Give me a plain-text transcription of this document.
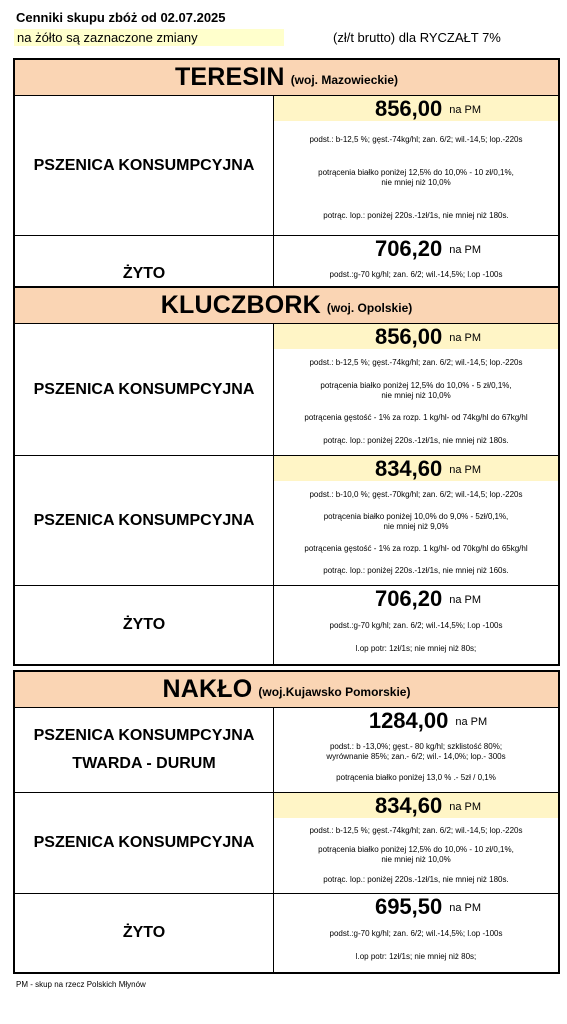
Cenniki skupu zbóż od 02.07.2025
na żółto są zaznaczone zmiany	(zł/t brutto) dla RYCZAŁT 7%
TERESIN (woj. Mazowieckie)
PSZENICA KONSUMPCYJNA
856,00 na PM
podst.: b-12,5 %; gęst.-74kg/hl; zan. 6/2; wil.-14,5; lop.-220s
potrącenia białko poniżej 12,5% do 10,0% - 10 zł/0,1%,
nie mniej niż 10,0%
potrąc. lop.: poniżej 220s.-1zł/1s, nie mniej niż 180s.
ŻYTO
706,20 na PM
podst.:g-70 kg/hl; zan. 6/2; wil.-14,5%; l.op -100s
KLUCZBORK (woj. Opolskie)
PSZENICA KONSUMPCYJNA
856,00 na PM
podst.: b-12,5 %; gęst.-74kg/hl; zan. 6/2; wil.-14,5; lop.-220s
potrącenia białko poniżej 12,5% do 10,0% - 5 zł/0,1%,
nie mniej niż 10,0%
potrącenia gęstość - 1% za rozp. 1 kg/hl- od 74kg/hl do 67kg/hl
potrąc. lop.: poniżej 220s.-1zł/1s, nie mniej niż 180s.
PSZENICA KONSUMPCYJNA
834,60 na PM
podst.: b-10,0 %; gęst.-70kg/hl; zan. 6/2; wil.-14,5; lop.-220s
potrącenia białko poniżej 10,0% do 9,0% - 5zł/0,1%,
nie mniej niż 9,0%
potrącenia gęstość - 1% za rozp. 1 kg/hl- od 70kg/hl do 65kg/hl
potrąc. lop.: poniżej 220s.-1zł/1s, nie mniej niż 160s.
ŻYTO
706,20 na PM
podst.:g-70 kg/hl; zan. 6/2; wil.-14,5%; l.op -100s
l.op potr: 1zł/1s; nie mniej niż 80s;
NAKŁO (woj.Kujawsko Pomorskie)
PSZENICA KONSUMPCYJNA
TWARDA - DURUM
1284,00 na PM
podst.: b -13,0%; gęst.- 80 kg/hl; szklistość 80%;
wyrównanie 85%; zan.- 6/2; wil.- 14,0%; lop.- 300s
potrącenia białko poniżej 13,0 % .- 5zł / 0,1%
PSZENICA KONSUMPCYJNA
834,60 na PM
podst.: b-12,5 %; gęst.-74kg/hl; zan. 6/2; wil.-14,5; lop.-220s
potrącenia białko poniżej 12,5% do 10,0% - 10 zł/0,1%,
nie mniej niż 10,0%
potrąc. lop.: poniżej 220s.-1zł/1s, nie mniej niż 180s.
ŻYTO
695,50 na PM
podst.:g-70 kg/hl; zan. 6/2; wil.-14,5%; l.op -100s
l.op potr: 1zł/1s; nie mniej niż 80s;
PM - skup na rzecz Polskich Młynów
